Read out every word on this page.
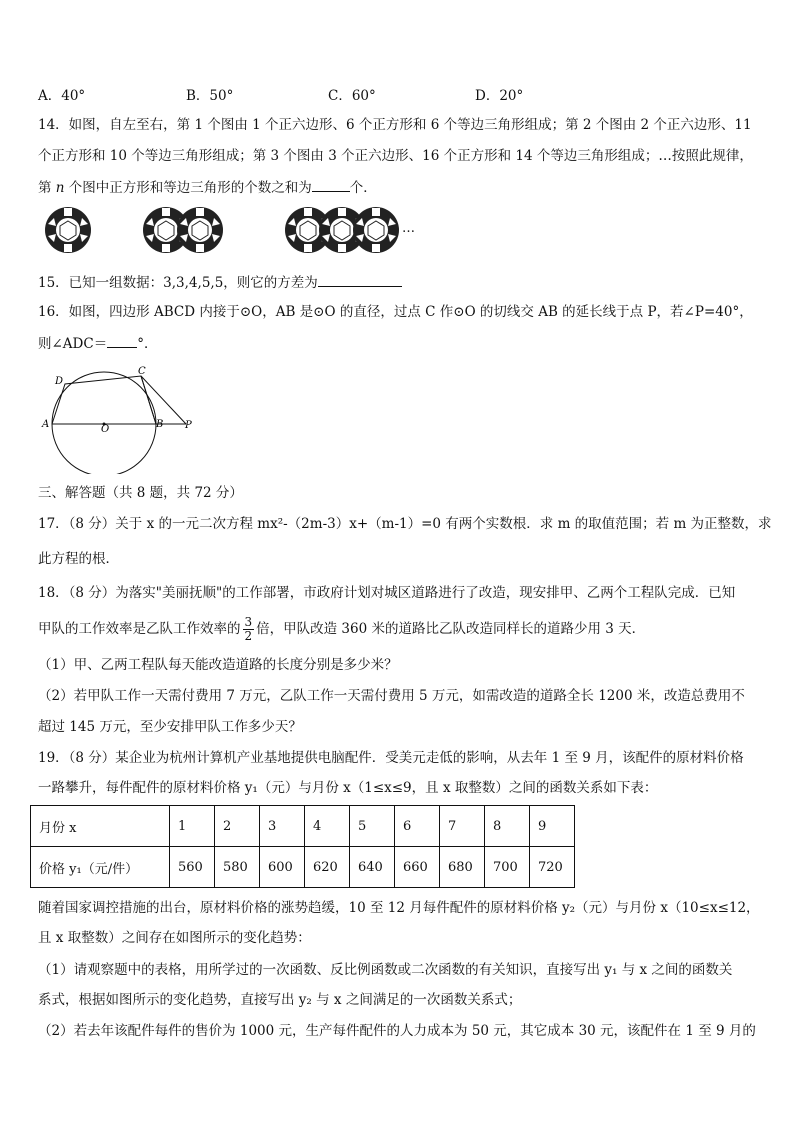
A．40°	B．50°	C．60°	D．20°
14．如图，自左至右，第 1 个图由 1 个正六边形、6 个正方形和 6 个等边三角形组成；第 2 个图由 2 个正六边形、11
个正方形和 10 个等边三角形组成；第 3 个图由 3 个正六边形、16 个正方形和 14 个等边三角形组成；…按照此规律，
第 n 个图中正方形和等边三角形的个数之和为	个．
…
15．已知一组数据：3,3,4,5,5，则它的方差为
16．如图，四边形 ABCD 内接于⊙O，AB 是⊙O 的直径，过点 C 作⊙O 的切线交 AB 的延长线于点 P，若∠P=40°，
则∠ADC＝ °．
A
D
C
B
O	P
三、解答题（共 8 题，共 72 分）
17．（8 分）关于 x 的一元二次方程 mx²-（2m-3）x+（m-1）=0 有两个实数根．求 m 的取值范围；若 m 为正整数，求
此方程的根．
18．（8 分）为落实"美丽抚顺"的工作部署，市政府计划对城区道路进行了改造，现安排甲、乙两个工程队完成．已知
甲队的工作效率是乙队工作效率的 $\frac{3}{2}$ 倍，甲队改造 360 米的道路比乙队改造同样长的道路少用 3 天．
（1）甲、乙两工程队每天能改造道路的长度分别是多少米？
（2）若甲队工作一天需付费用 7 万元，乙队工作一天需付费用 5 万元，如需改造的道路全长 1200 米，改造总费用不
超过 145 万元，至少安排甲队工作多少天？
19．（8 分）某企业为杭州计算机产业基地提供电脑配件．受美元走低的影响，从去年 1 至 9 月，该配件的原材料价格
一路攀升，每件配件的原材料价格 y₁（元）与月份 x（1≤x≤9，且 x 取整数）之间的函数关系如下表：
月份 x	1	2	3	4	5	6	7	8	9
价格 y₁（元/件）	560	580	600	620	640	660	680	700	720
随着国家调控措施的出台，原材料价格的涨势趋缓，10 至 12 月每件配件的原材料价格 y₂（元）与月份 x（10≤x≤12，
且 x 取整数）之间存在如图所示的变化趋势：
（1）请观察题中的表格，用所学过的一次函数、反比例函数或二次函数的有关知识，直接写出 y₁ 与 x 之间的函数关
系式，根据如图所示的变化趋势，直接写出 y₂ 与 x 之间满足的一次函数关系式；
（2）若去年该配件每件的售价为 1000 元，生产每件配件的人力成本为 50 元，其它成本 30 元，该配件在 1 至 9 月的
